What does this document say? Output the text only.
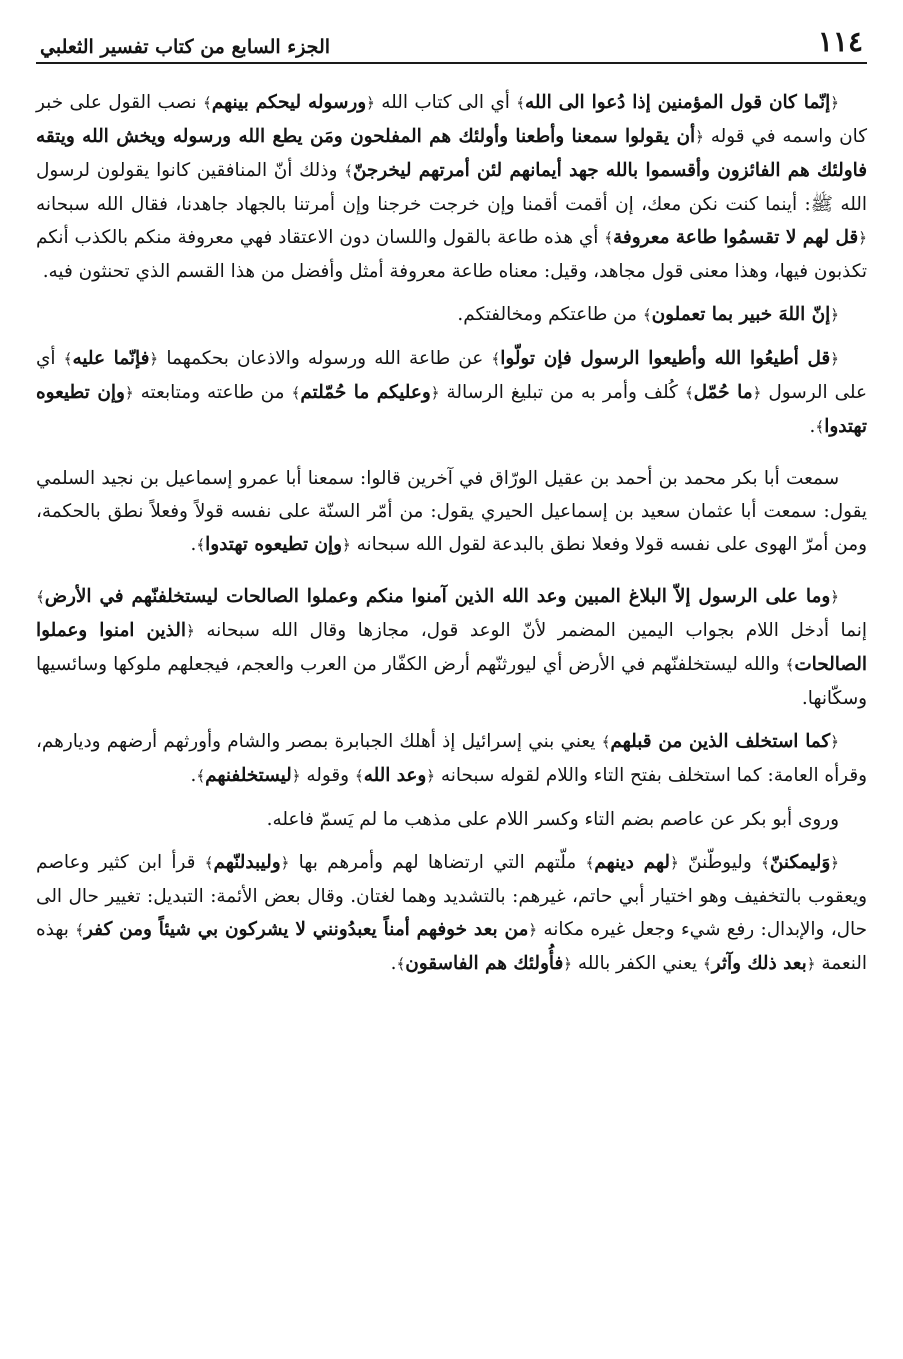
١١٤
الجزء السابع من كتاب تفسير الثعلبي

﴿إنّما كان قول المؤمنين إذا دُعوا الى الله﴾ أي الى كتاب الله ﴿ورسوله ليحكم بينهم﴾ نصب القول على خبر كان واسمه في قوله ﴿أن يقولوا سمعنا وأطعنا وأولئك هم المفلحون ومَن يطع الله ورسوله ويخش الله ويتقه فاولئك هم الفائزون وأقسموا بالله جهد أيمانهم لئن أمرتهم ليخرجنّ﴾ وذلك أنّ المنافقين كانوا يقولون لرسول الله ﷺ: أينما كنت نكن معك، إن أقمت أقمنا وإن خرجت خرجنا وإن أمرتنا بالجهاد جاهدنا، فقال الله سبحانه ﴿قل لهم لا تقسمُوا طاعة معروفة﴾ أي هذه طاعة بالقول واللسان دون الاعتقاد فهي معروفة منكم بالكذب أنكم تكذبون فيها، وهذا معنى قول مجاهد، وقيل: معناه طاعة معروفة أمثل وأفضل من هذا القسم الذي تحنثون فيه.

﴿إنّ اللهَ خبير بما تعملون﴾ من طاعتكم ومخالفتكم.

﴿قل أطيعُوا الله وأطيعوا الرسول فإن تولّوا﴾ عن طاعة الله ورسوله والاذعان بحكمهما ﴿فإنّما عليه﴾ أي على الرسول ﴿ما حُمّل﴾ كُلف وأمر به من تبليغ الرسالة ﴿وعليكم ما حُمّلتم﴾ من طاعته ومتابعته ﴿وإن تطيعوه تهتدوا﴾.

سمعت أبا بكر محمد بن أحمد بن عقيل الورّاق في آخرين قالوا: سمعنا أبا عمرو إسماعيل بن نجيد السلمي يقول: سمعت أبا عثمان سعيد بن إسماعيل الحيري يقول: من أمّر السنّة على نفسه قولاً وفعلاً نطق بالحكمة، ومن أمرّ الهوى على نفسه قولا وفعلا نطق بالبدعة لقول الله سبحانه ﴿وإن تطيعوه تهتدوا﴾.

﴿وما على الرسول إلاّ البلاغ المبين وعد الله الذين آمنوا منكم وعملوا الصالحات ليستخلفنّهم في الأرض﴾ إنما أدخل اللام بجواب اليمين المضمر لأنّ الوعد قول، مجازها وقال الله سبحانه ﴿الذين امنوا وعملوا الصالحات﴾ والله ليستخلفنّهم في الأرض أي ليورثنّهم أرض الكفّار من العرب والعجم، فيجعلهم ملوكها وسائسيها وسكّانها.

﴿كما استخلف الذين من قبلهم﴾ يعني بني إسرائيل إذ أهلك الجبابرة بمصر والشام وأورثهم أرضهم وديارهم، وقرأه العامة: كما استخلف بفتح التاء واللام لقوله سبحانه ﴿وعد الله﴾ وقوله ﴿ليستخلفنهم﴾.

وروى أبو بكر عن عاصم بضم التاء وكسر اللام على مذهب ما لم يَسمّ فاعله.

﴿وَليمكننّ﴾ وليوطّننّ ﴿لهم دينهم﴾ ملّتهم التي ارتضاها لهم وأمرهم بها ﴿وليبدلنّهم﴾ قرأ ابن كثير وعاصم ويعقوب بالتخفيف وهو اختيار أبي حاتم، غيرهم: بالتشديد وهما لغتان. وقال بعض الأئمة: التبديل: تغيير حال الى حال، والإبدال: رفع شيء وجعل غيره مكانه ﴿من بعد خوفهم أمناً يعبدُونني لا يشركون بي شيئاً ومن كفر﴾ بهذه النعمة ﴿بعد ذلك وآثر﴾ يعني الكفر بالله ﴿فأُولئك هم الفاسقون﴾.
